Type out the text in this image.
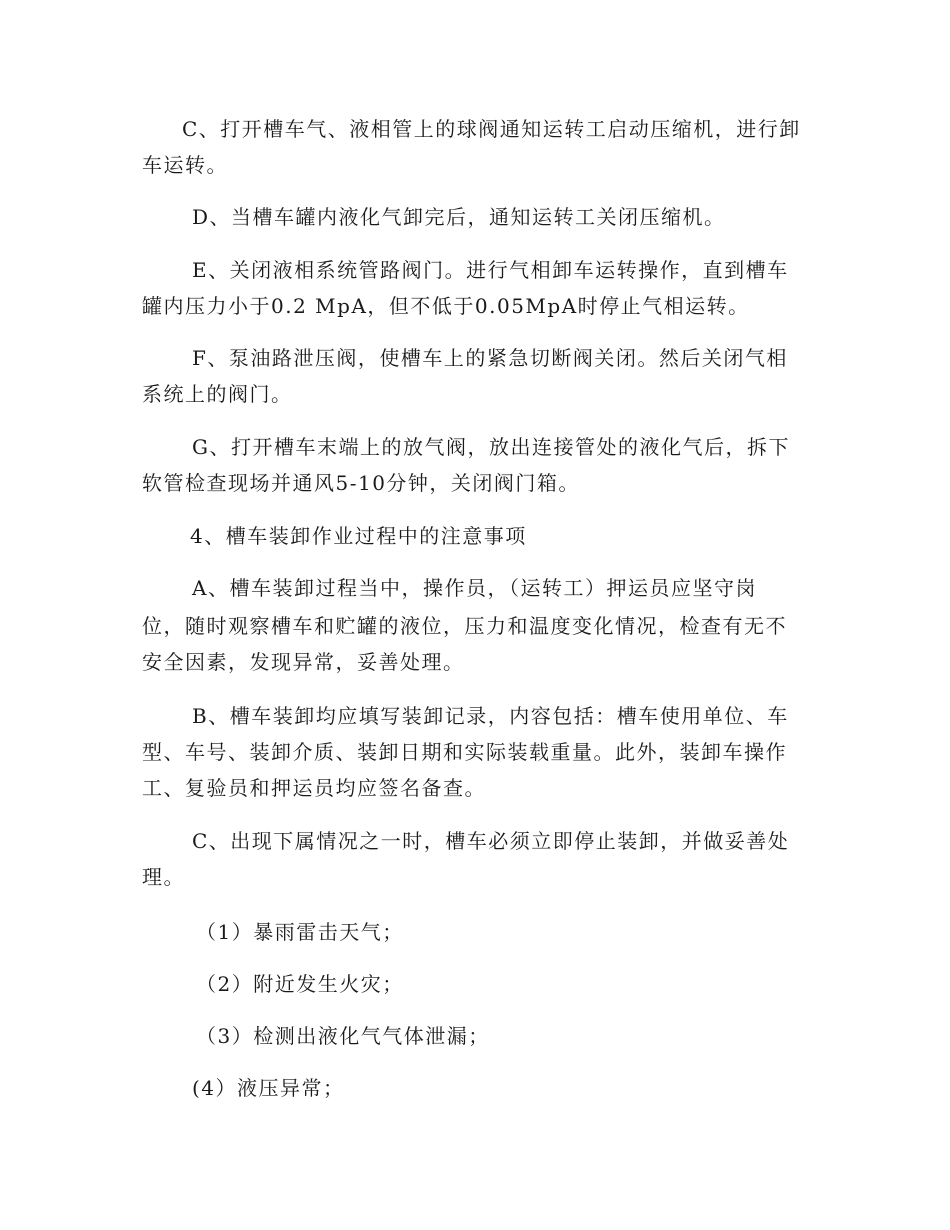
C、打开槽车气、液相管上的球阀通知运转工启动压缩机，进行卸
车运转。
D、当槽车罐内液化气卸完后，通知运转工关闭压缩机。
E、关闭液相系统管路阀门。进行气相卸车运转操作，直到槽车
罐内压力小于0.2 MpA，但不低于0.05MpA时停止气相运转。
F、泵油路泄压阀，使槽车上的紧急切断阀关闭。然后关闭气相
系统上的阀门。
G、打开槽车末端上的放气阀，放出连接管处的液化气后，拆下
软管检查现场并通风5-10分钟，关闭阀门箱。
4、槽车装卸作业过程中的注意事项
A、槽车装卸过程当中，操作员，（运转工）押运员应坚守岗
位，随时观察槽车和贮罐的液位，压力和温度变化情况，检查有无不
安全因素，发现异常，妥善处理。
B、槽车装卸均应填写装卸记录，内容包括：槽车使用单位、车
型、车号、装卸介质、装卸日期和实际装载重量。此外，装卸车操作
工、复验员和押运员均应签名备查。
C、出现下属情况之一时，槽车必须立即停止装卸，并做妥善处
理。
（1）暴雨雷击天气；
（2）附近发生火灾；
（3）检测出液化气气体泄漏；
(4）液压异常；
